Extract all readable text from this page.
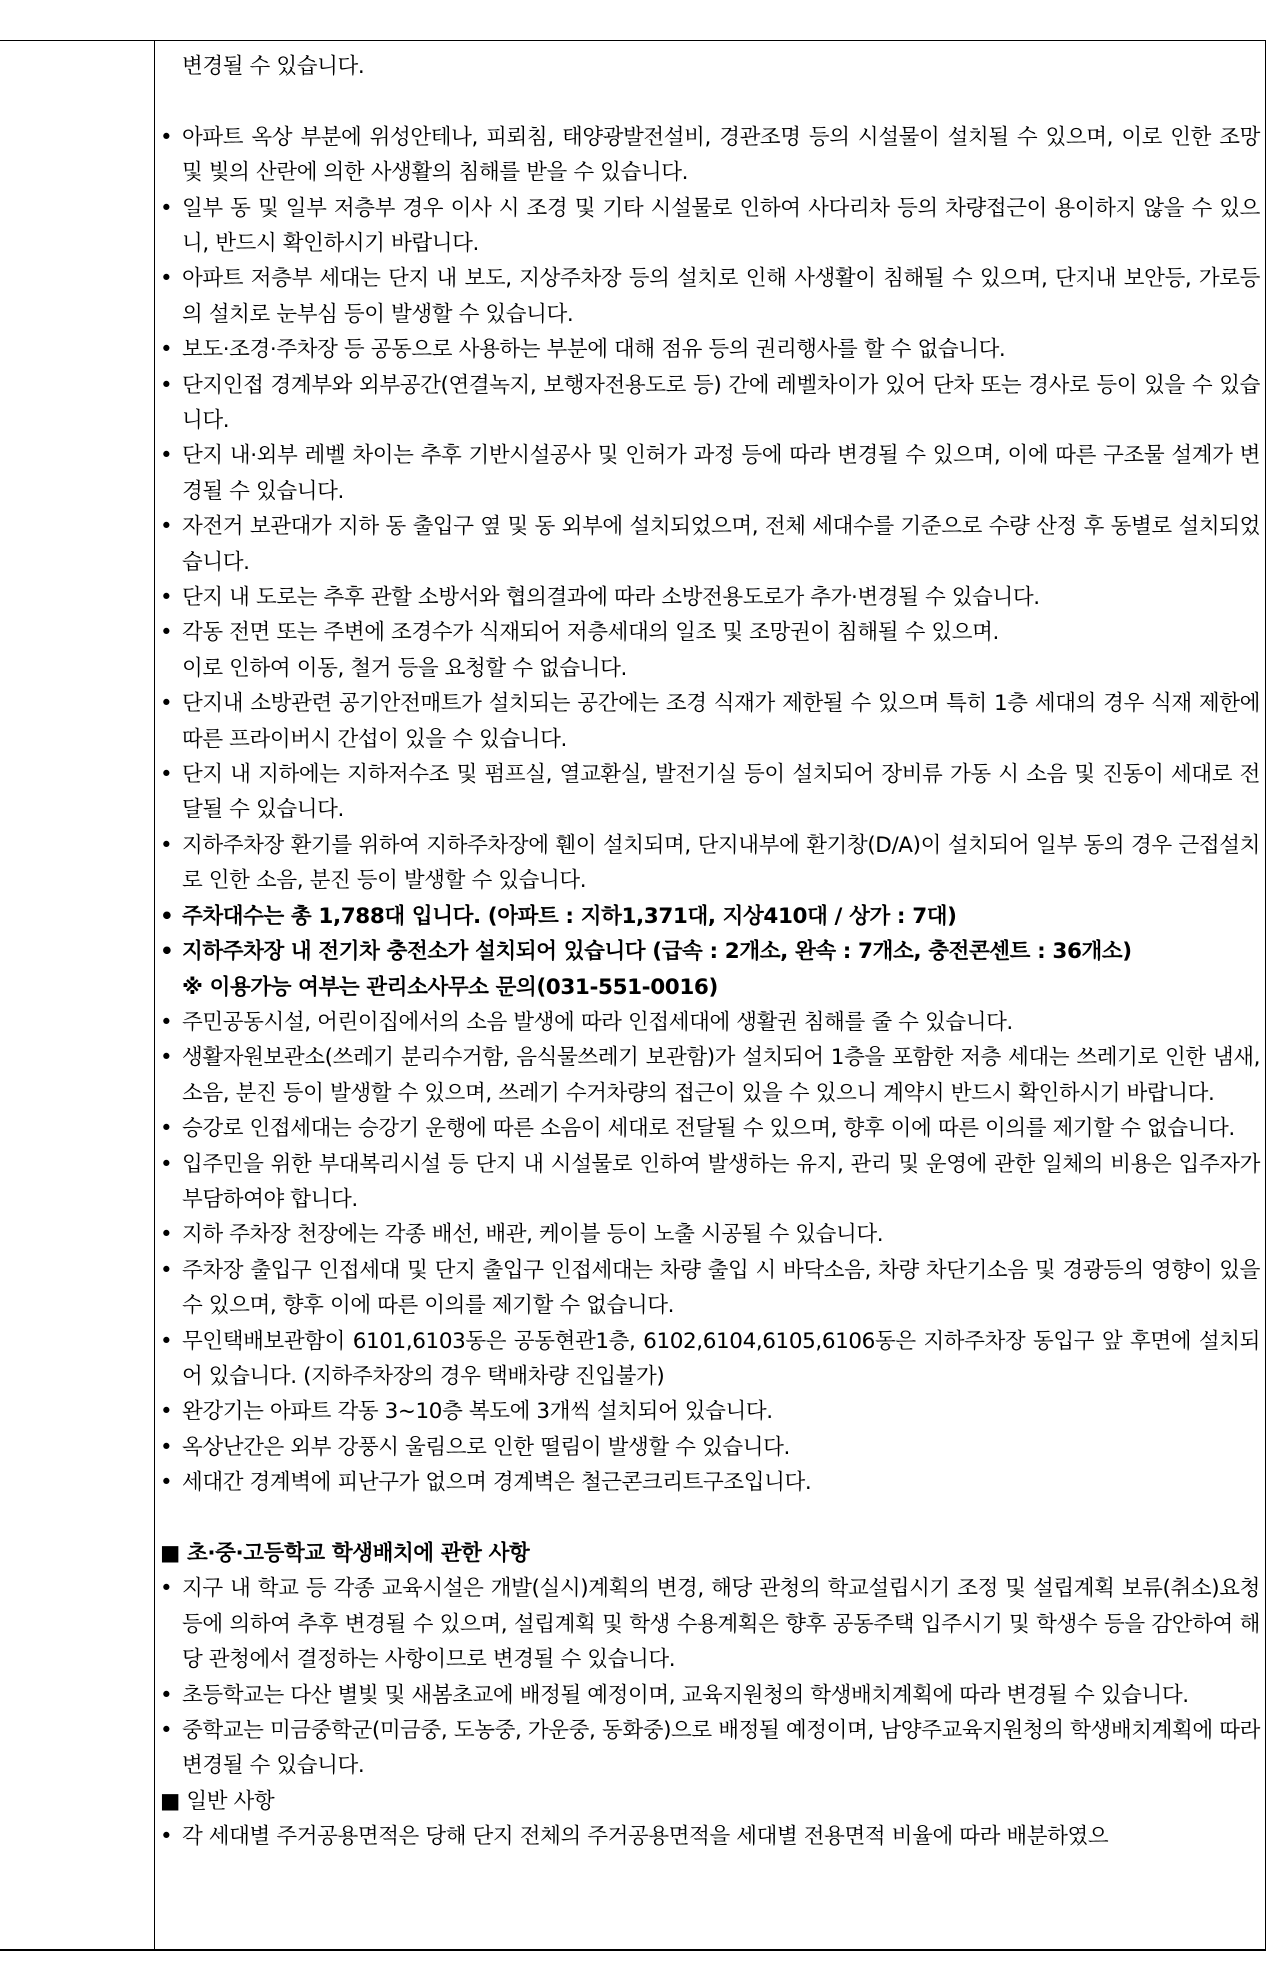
변경될 수 있습니다.
• 아파트 옥상 부분에 위성안테나, 피뢰침, 태양광발전설비, 경관조명 등의 시설물이 설치될 수 있으며, 이로 인한 조망 및 빛의 산란에 의한 사생활의 침해를 받을 수 있습니다.
• 일부 동 및 일부 저층부 경우 이사 시 조경 및 기타 시설물로 인하여 사다리차 등의 차량접근이 용이하지 않을 수 있으니, 반드시 확인하시기 바랍니다.
• 아파트 저층부 세대는 단지 내 보도, 지상주차장 등의 설치로 인해 사생활이 침해될 수 있으며, 단지내 보안등, 가로등의 설치로 눈부심 등이 발생할 수 있습니다.
• 보도·조경·주차장 등 공동으로 사용하는 부분에 대해 점유 등의 권리행사를 할 수 없습니다.
• 단지인접 경계부와 외부공간(연결녹지, 보행자전용도로 등) 간에 레벨차이가 있어 단차 또는 경사로 등이 있을 수 있습니다.
• 단지 내·외부 레벨 차이는 추후 기반시설공사 및 인허가 과정 등에 따라 변경될 수 있으며, 이에 따른 구조물 설계가 변경될 수 있습니다.
• 자전거 보관대가 지하 동 출입구 옆 및 동 외부에 설치되었으며, 전체 세대수를 기준으로 수량 산정 후 동별로 설치되었습니다.
• 단지 내 도로는 추후 관할 소방서와 협의결과에 따라 소방전용도로가 추가·변경될 수 있습니다.
• 각동 전면 또는 주변에 조경수가 식재되어 저층세대의 일조 및 조망권이 침해될 수 있으며.
이로 인하여 이동, 철거 등을 요청할 수 없습니다.
• 단지내 소방관련 공기안전매트가 설치되는 공간에는 조경 식재가 제한될 수 있으며 특히 1층 세대의 경우 식재 제한에 따른 프라이버시 간섭이 있을 수 있습니다.
• 단지 내 지하에는 지하저수조 및 펌프실, 열교환실, 발전기실 등이 설치되어 장비류 가동 시 소음 및 진동이 세대로 전달될 수 있습니다.
• 지하주차장 환기를 위하여 지하주차장에 휀이 설치되며, 단지내부에 환기창(D/A)이 설치되어 일부 동의 경우 근접설치로 인한 소음, 분진 등이 발생할 수 있습니다.
• 주차대수는 총 1,788대 입니다. (아파트 : 지하1,371대, 지상410대 / 상가 : 7대)
• 지하주차장 내 전기차 충전소가 설치되어 있습니다 (급속 : 2개소, 완속 : 7개소, 충전콘센트 : 36개소)
※ 이용가능 여부는 관리소사무소 문의(031-551-0016)
• 주민공동시설, 어린이집에서의 소음 발생에 따라 인접세대에 생활권 침해를 줄 수 있습니다.
• 생활자원보관소(쓰레기 분리수거함, 음식물쓰레기 보관함)가 설치되어 1층을 포함한 저층 세대는 쓰레기로 인한 냄새, 소음, 분진 등이 발생할 수 있으며, 쓰레기 수거차량의 접근이 있을 수 있으니 계약시 반드시 확인하시기 바랍니다.
• 승강로 인접세대는 승강기 운행에 따른 소음이 세대로 전달될 수 있으며, 향후 이에 따른 이의를 제기할 수 없습니다.
• 입주민을 위한 부대복리시설 등 단지 내 시설물로 인하여 발생하는 유지, 관리 및 운영에 관한 일체의 비용은 입주자가 부담하여야 합니다.
• 지하 주차장 천장에는 각종 배선, 배관, 케이블 등이 노출 시공될 수 있습니다.
• 주차장 출입구 인접세대 및 단지 출입구 인접세대는 차량 출입 시 바닥소음, 차량 차단기소음 및 경광등의 영향이 있을 수 있으며, 향후 이에 따른 이의를 제기할 수 없습니다.
• 무인택배보관함이 6101,6103동은 공동현관1층, 6102,6104,6105,6106동은 지하주차장 동입구 앞 후면에 설치되어 있습니다. (지하주차장의 경우 택배차량 진입불가)
• 완강기는 아파트 각동 3~10층 복도에 3개씩 설치되어 있습니다.
• 옥상난간은 외부 강풍시 울림으로 인한 떨림이 발생할 수 있습니다.
• 세대간 경계벽에 피난구가 없으며 경계벽은 철근콘크리트구조입니다.
■ 초·중·고등학교 학생배치에 관한 사항
• 지구 내 학교 등 각종 교육시설은 개발(실시)계획의 변경, 해당 관청의 학교설립시기 조정 및 설립계획 보류(취소)요청 등에 의하여 추후 변경될 수 있으며, 설립계획 및 학생 수용계획은 향후 공동주택 입주시기 및 학생수 등을 감안하여 해당 관청에서 결정하는 사항이므로 변경될 수 있습니다.
• 초등학교는 다산 별빛 및 새봄초교에 배정될 예정이며, 교육지원청의 학생배치계획에 따라 변경될 수 있습니다.
• 중학교는 미금중학군(미금중, 도농중, 가운중, 동화중)으로 배정될 예정이며, 남양주교육지원청의 학생배치계획에 따라 변경될 수 있습니다.
■ 일반 사항
• 각 세대별 주거공용면적은 당해 단지 전체의 주거공용면적을 세대별 전용면적 비율에 따라 배분하였으
